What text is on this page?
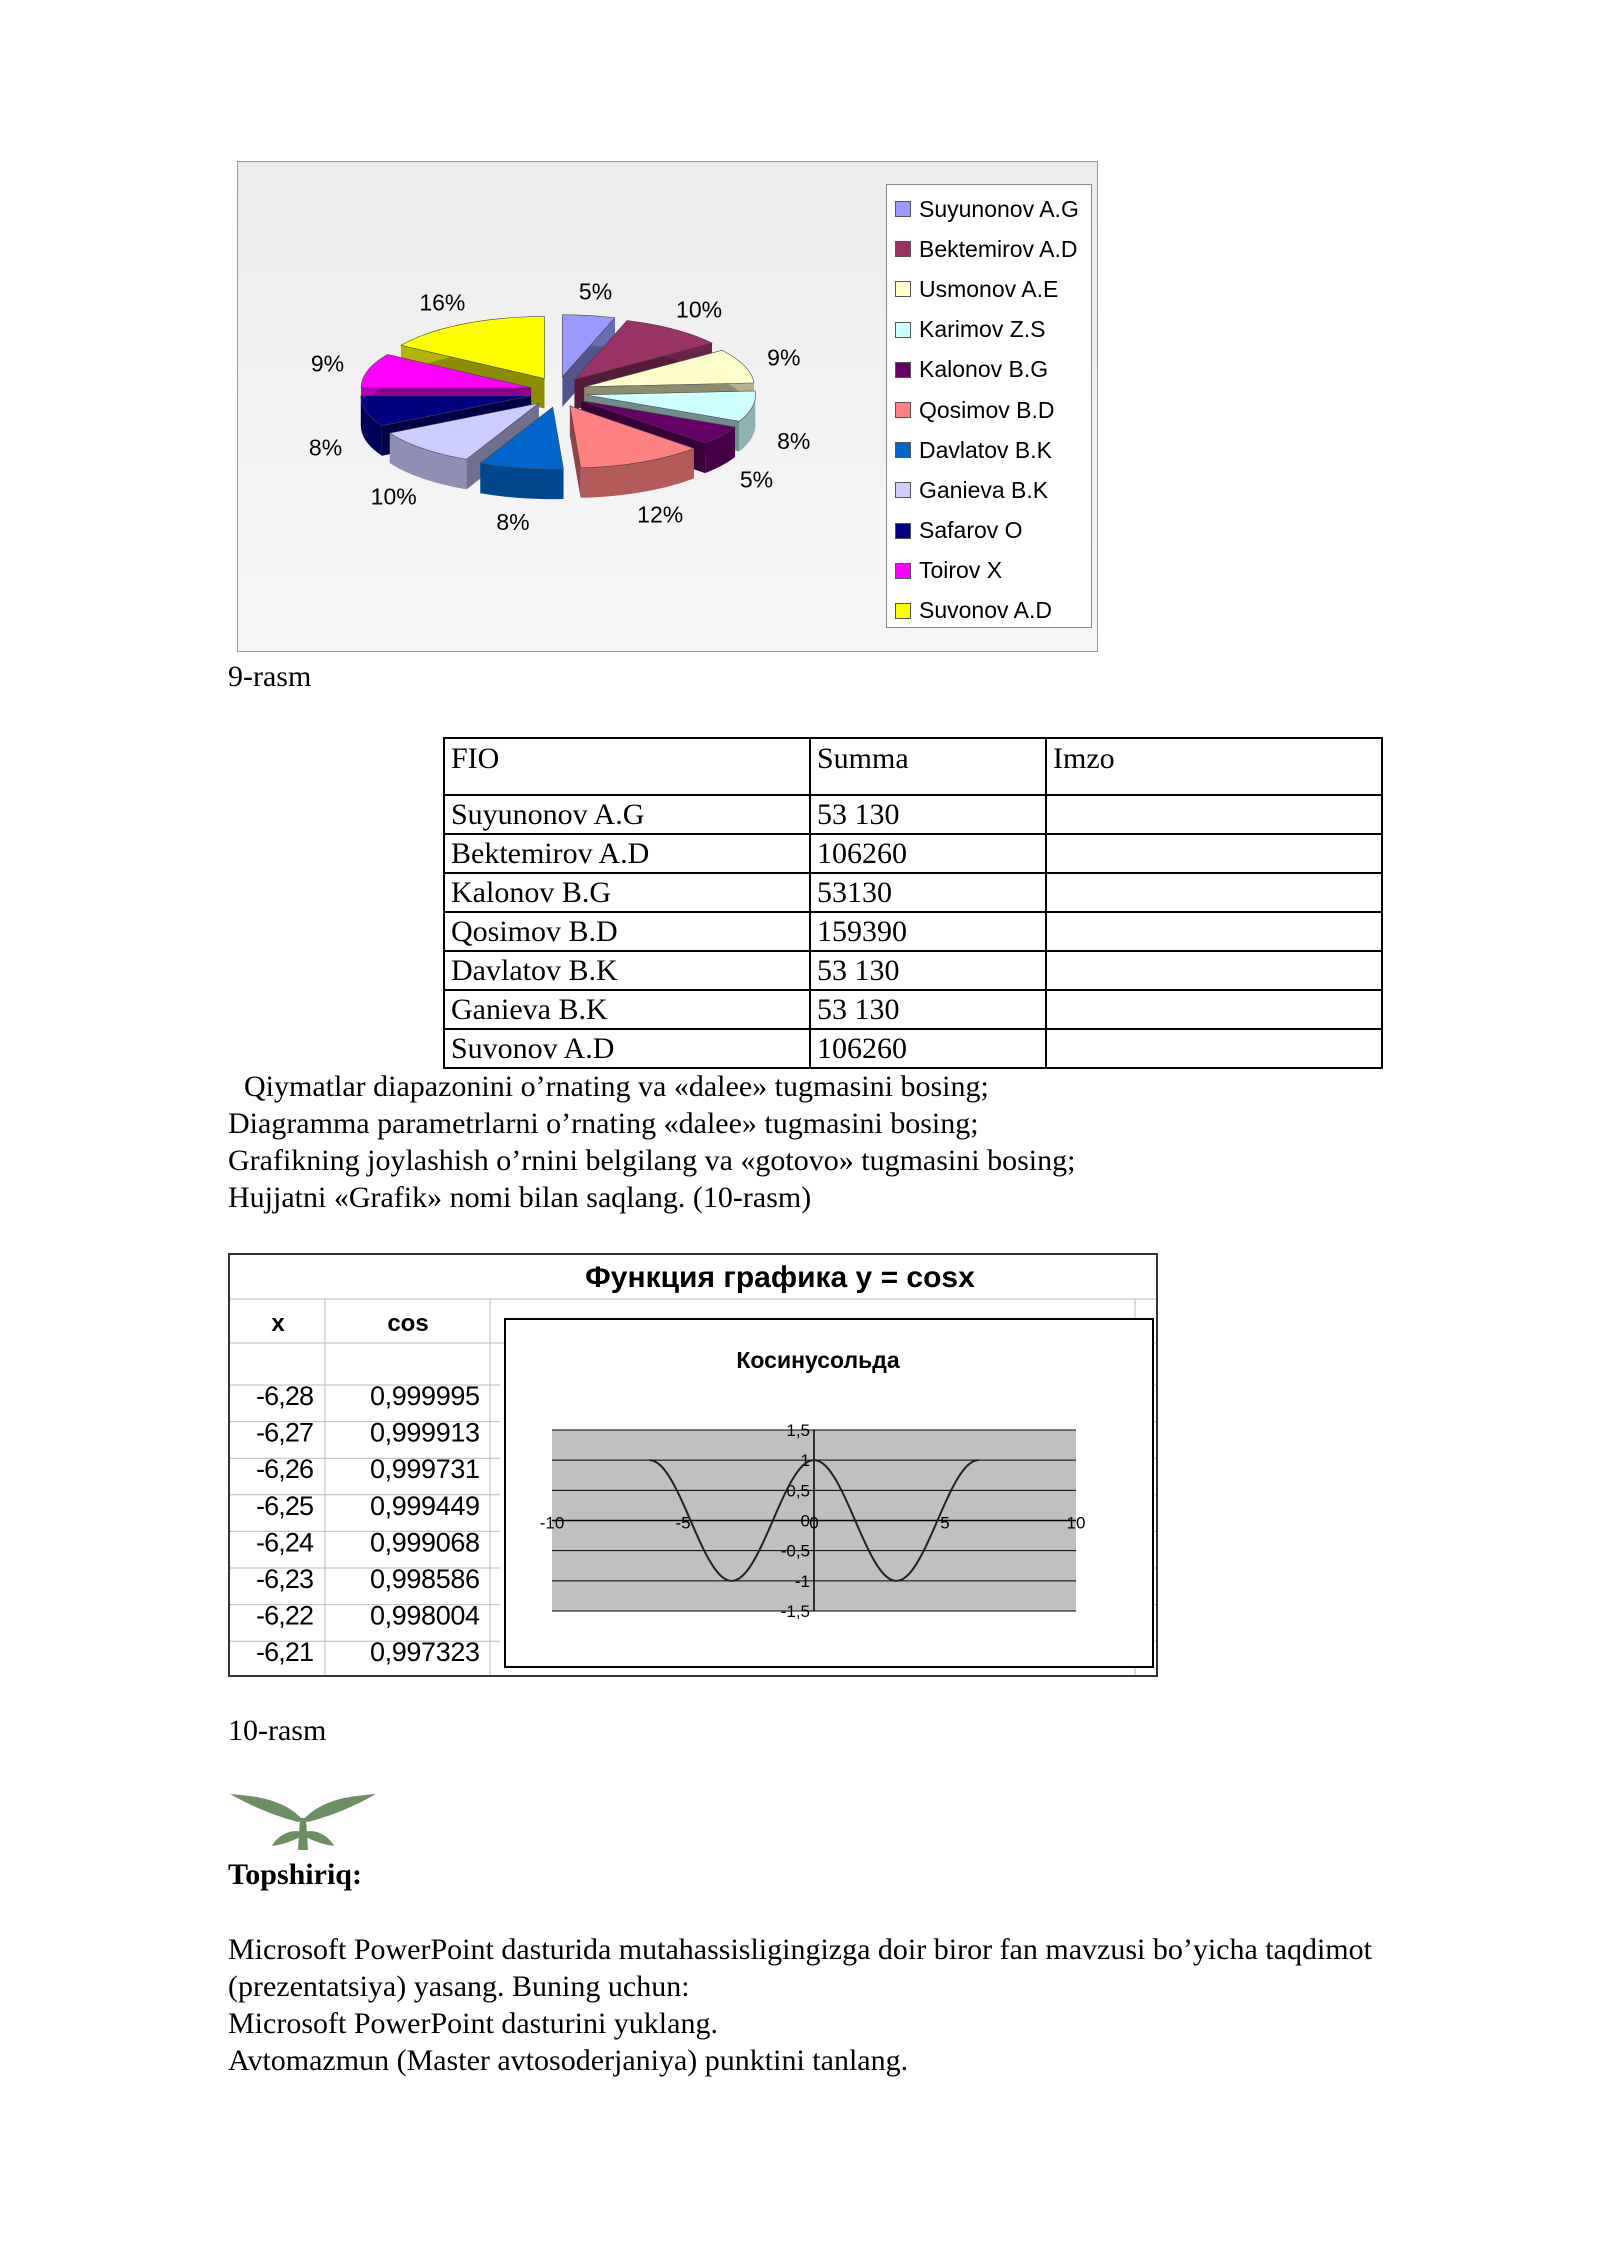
5%
10%
9%
8%
5%
12%
8%
10%
8%
9%
16%
Suyunonov A.G
Bektemirov A.D
Usmonov A.E
Karimov Z.S
Kalonov B.G
Qosimov B.D
Davlatov B.K
Ganieva B.K
Safarov O
Toirov X
Suvonov A.D
9-rasm
FIO	Summa	Imzo
Suyunonov A.G	53 130	
Bektemirov A.D	106260	
Kalonov B.G	53130	
Qosimov B.D	159390	
Davlatov B.K	53 130	
Ganieva B.K	53 130	
Suvonov A.D	106260	
Qiymatlar diapazonini o’rnating va «dalee» tugmasini bosing;
Diagramma parametrlarni o’rnating «dalee» tugmasini bosing;
Grafikning joylashish o’rnini belgilang va «gotovo» tugmasini bosing;
Hujjatni «Grafik» nomi bilan saqlang. (10-rasm)
Функция графика y = cosx
x	cos
-6,28 0,999995
-6,27 0,999913
-6,26 0,999731
-6,25 0,999449
-6,24 0,999068
-6,23 0,998586
-6,22 0,998004
-6,21 0,997323
Косинусольда
1,5
1
0,5
0
-0,5
-1
-1,5
-10	-5	0	5	10
10-rasm
Topshiriq:
Microsoft PowerPoint dasturida mutahassisligingizga doir biror fan mavzusi bo’yicha taqdimot
(prezentatsiya) yasang. Buning uchun:
Microsoft PowerPoint dasturini yuklang.
Avtomazmun (Master avtosoderjaniya) punktini tanlang.
